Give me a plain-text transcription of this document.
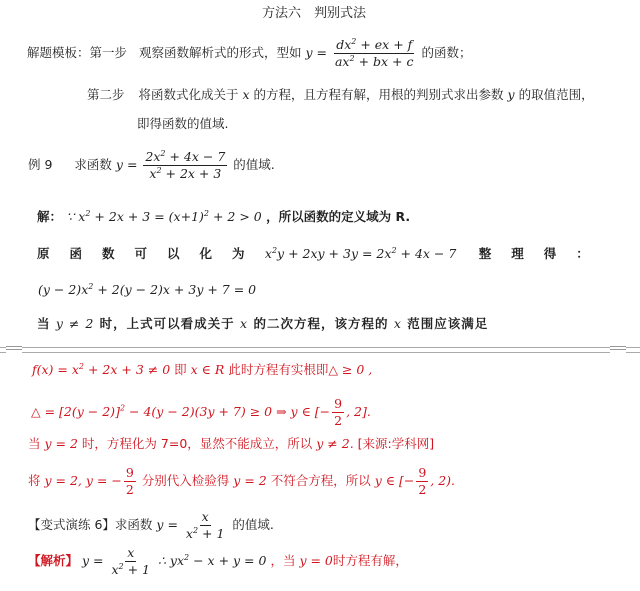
方法六　判别式法
解题模板：第一步 观察函数解析式的形式，型如 $y = \frac{dx^2 + ex + f}{ax^2 + bx + c}$ 的函数；
第二步 将函数式化成关于 x 的方程，且方程有解，用根的判别式求出参数 y 的取值范围，
即得函数的值域.
例 9 求函数 $y = \frac{2x^2 + 4x - 7}{x^2 + 2x + 3}$ 的值域.
解： ∵ $x^2 + 2x + 3 = (x+1)^2 + 2 > 0$ ，所以函数的定义域为 R.
原函数可以化为 $x^2y + 2xy + 3y = 2x^2 + 4x - 7$ 整理得：
$(y - 2)x^2 + 2(y - 2)x + 3y + 7 = 0$
当 y ≠ 2 时，上式可以看成关于 x 的二次方程，该方程的 x 范围应该满足
$f(x) = x^2 + 2x + 3 \ne 0$ 即 x ∈ R 此时方程有实根即△ ≥ 0 ,
△ = $[2(y - 2)]^2 - 4(y - 2)(3y + 7) \ge 0$ ⇒ y ∈ [− $\frac{9}{2}$ , 2].
当 y = 2 时，方程化为 7=0，显然不能成立，所以 y ≠ 2. [来源:学科网]
将 y = 2, y = − $\frac{9}{2}$ 分别代入检验得 y = 2 不符合方程，所以 y ∈ [− $\frac{9}{2}$ , 2).
【变式演练 6】求函数 $y = \frac{x}{x^2 + 1}$ 的值域.
【解析】 $y = \frac{x}{x^2 + 1}$ ∴ $yx^2 - x + y = 0$ ，当 y = 0时方程有解，
